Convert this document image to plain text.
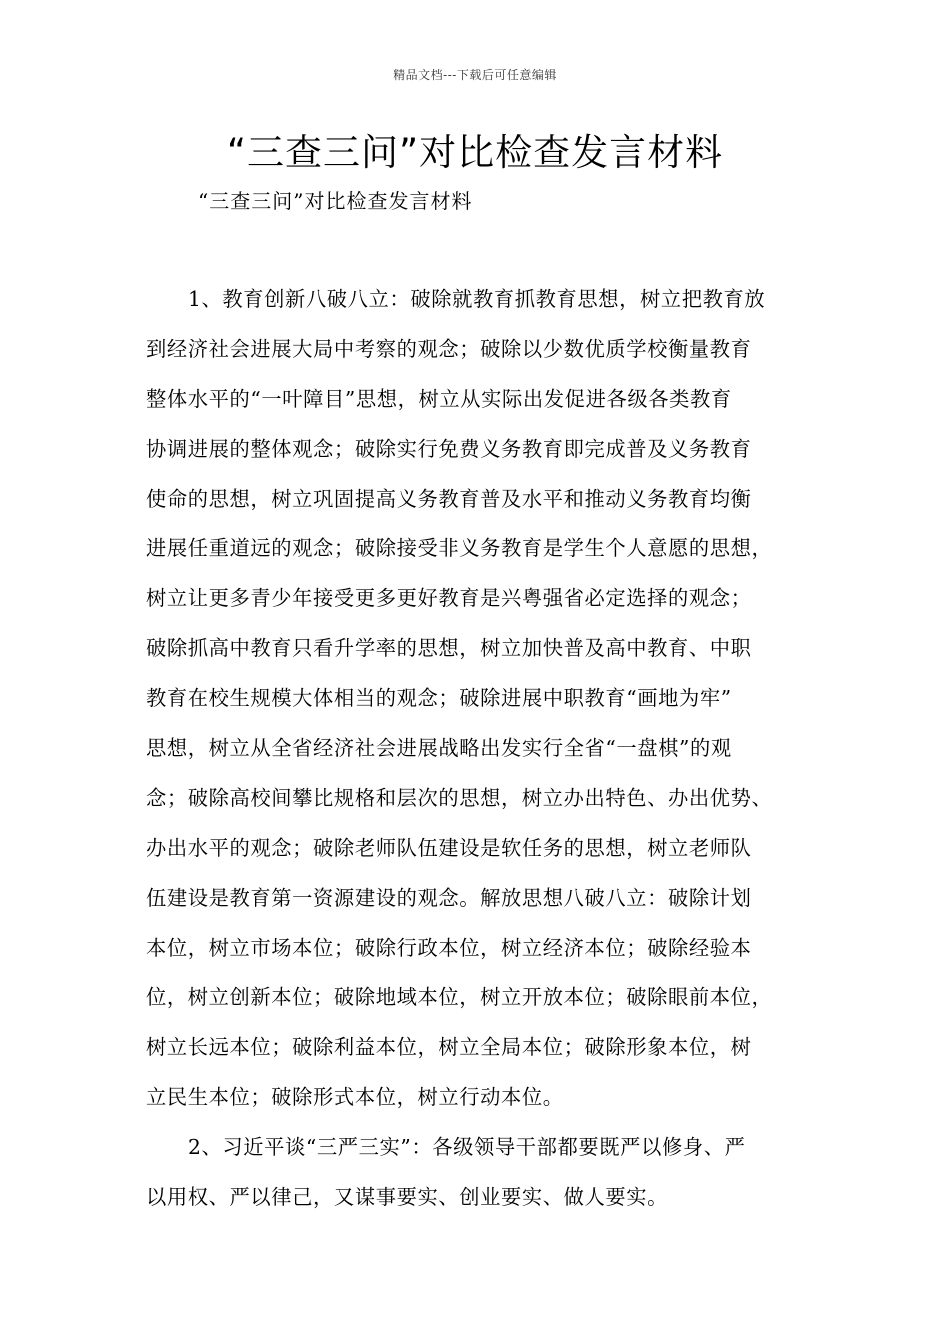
精品文档---下载后可任意编辑
“三查三问”对比检查发言材料
“三查三问”对比检查发言材料
1、教育创新八破八立：破除就教育抓教育思想，树立把教育放
到经济社会进展大局中考察的观念；破除以少数优质学校衡量教育
整体水平的“一叶障目”思想，树立从实际出发促进各级各类教育
协调进展的整体观念；破除实行免费义务教育即完成普及义务教育
使命的思想，树立巩固提高义务教育普及水平和推动义务教育均衡
进展任重道远的观念；破除接受非义务教育是学生个人意愿的思想，
树立让更多青少年接受更多更好教育是兴粤强省必定选择的观念；
破除抓高中教育只看升学率的思想，树立加快普及高中教育、中职
教育在校生规模大体相当的观念；破除进展中职教育“画地为牢”
思想，树立从全省经济社会进展战略出发实行全省“一盘棋”的观
念；破除高校间攀比规格和层次的思想，树立办出特色、办出优势、
办出水平的观念；破除老师队伍建设是软任务的思想，树立老师队
伍建设是教育第一资源建设的观念。解放思想八破八立：破除计划
本位，树立市场本位；破除行政本位，树立经济本位；破除经验本
位，树立创新本位；破除地域本位，树立开放本位；破除眼前本位，
树立长远本位；破除利益本位，树立全局本位；破除形象本位，树
立民生本位；破除形式本位，树立行动本位。
2、习近平谈“三严三实”：各级领导干部都要既严以修身、严
以用权、严以律己，又谋事要实、创业要实、做人要实。
